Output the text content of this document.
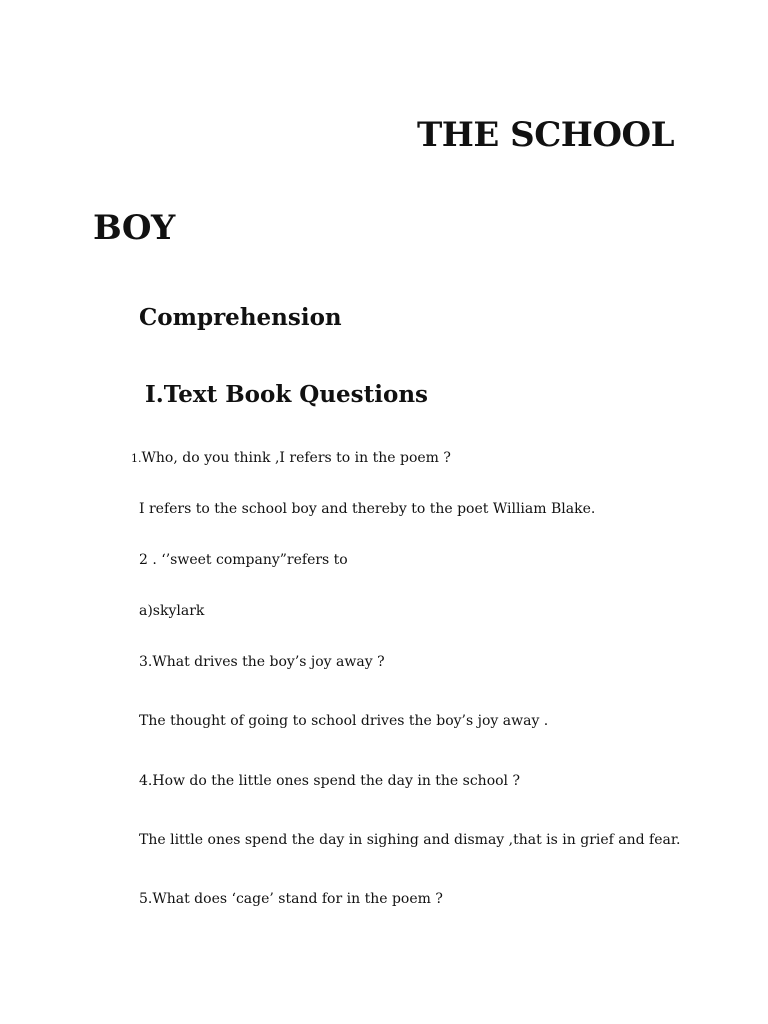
THE SCHOOL
BOY
Comprehension
I.Text Book Questions

1.Who, do you think ,I refers to in the poem ?

I refers to the school boy and thereby to the poet William Blake.

2 . ‘’sweet company”refers to

a)skylark

3.What drives the boy’s joy away ?

The thought of going to school drives the boy’s joy away .

4.How do the little ones spend the day in the school ?

The little ones spend the day in sighing and dismay ,that is in grief and fear.

5.What does ‘cage’ stand for in the poem ?
